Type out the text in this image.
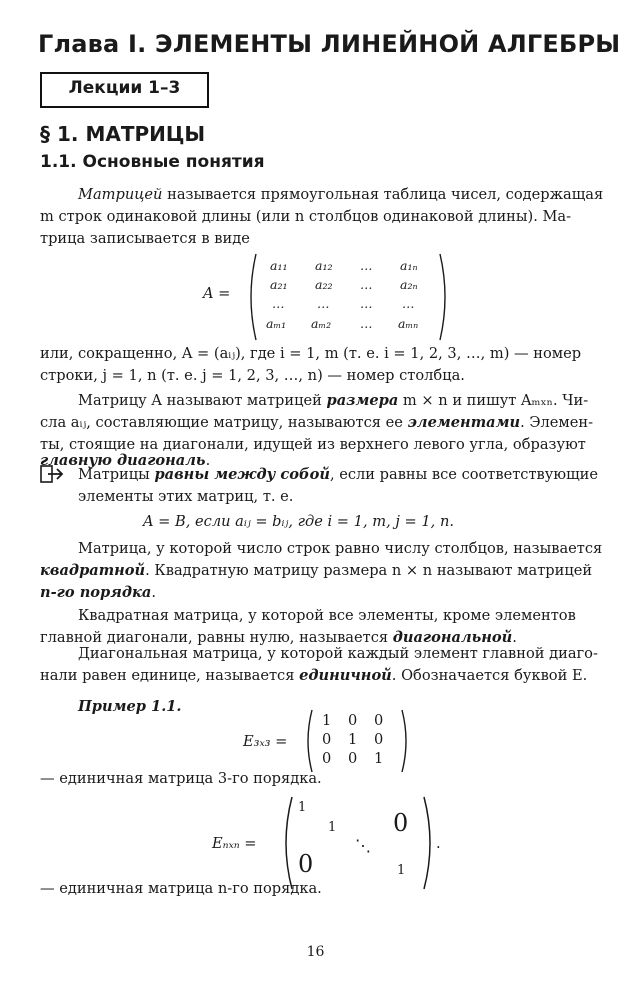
Глава I. ЭЛЕМЕНТЫ ЛИНЕЙНОЙ АЛГЕБРЫ
Лекции 1–3
§ 1. МАТРИЦЫ
1.1. Основные понятия
Матрицей называется прямоугольная таблица чисел, содержащая
m строк одинаковой длины (или n столбцов одинаковой длины). Ма-
трица записывается в виде
A =
a₁₁ a₁₂ … a₁ₙ
a₂₁ a₂₂ … a₂ₙ
…	… … …
aₘ₁ aₘ₂ … aₘₙ
или, сокращенно, A = (aᵢⱼ), где i = 1, m (т. е. i = 1, 2, 3, …, m) — номер
строки, j = 1, n (т. е. j = 1, 2, 3, …, n) — номер столбца.
Матрицу A называют матрицей размера m × n и пишут Aₘₓₙ. Чи-
сла aᵢⱼ, составляющие матрицу, называются ее элементами. Элемен-
ты, стоящие на диагонали, идущей из верхнего левого угла, образуют
главную диагональ.
Матрицы равны между собой, если равны все соответствующие
элементы этих матриц, т. е.
A = B, если aᵢⱼ = bᵢⱼ, где i = 1, m, j = 1, n.
Матрица, у которой число строк равно числу столбцов, называется
квадратной. Квадратную матрицу размера n × n называют матрицей
n-го порядка.
Квадратная матрица, у которой все элементы, кроме элементов
главной диагонали, равны нулю, называется диагональной.
Диагональная матрица, у которой каждый элемент главной диаго-
нали равен единице, называется единичной. Обозначается буквой E.
Пример 1.1.
E₃ₓ₃ =
1 0 0
0 1 0
0 0 1
— единичная матрица 3-го порядка.
Eₙₓₙ =
1
1 0
⋱
0	1
.
— единичная матрица n-го порядка.
16
